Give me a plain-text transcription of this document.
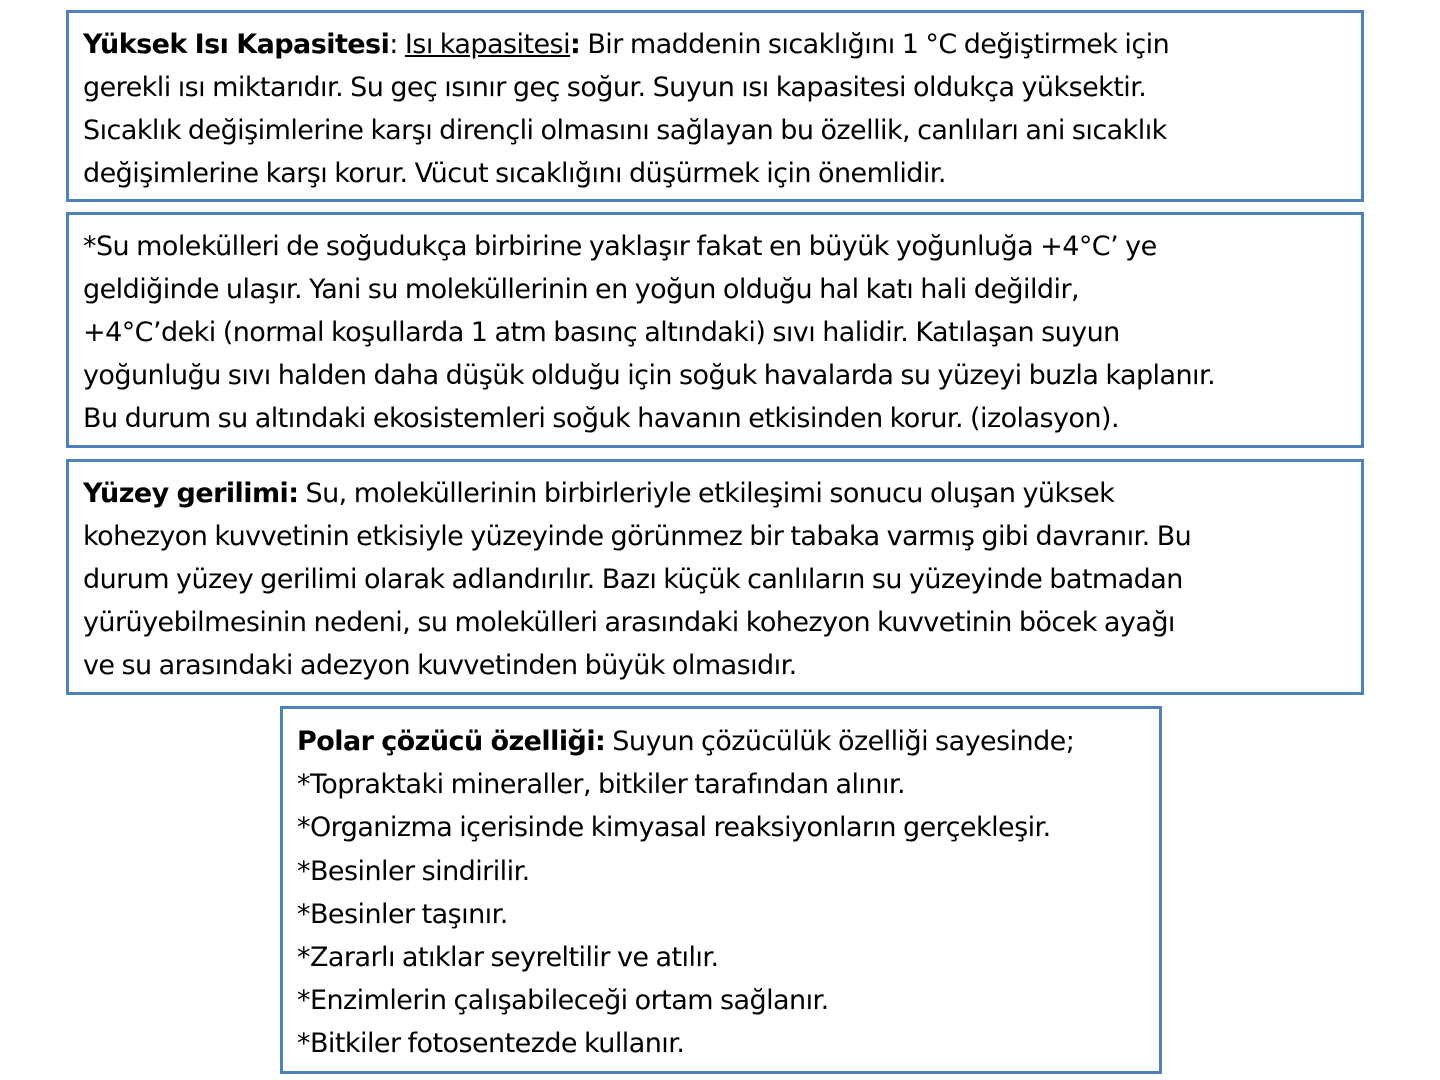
Yüksek Isı Kapasitesi: Isı kapasitesi: Bir maddenin sıcaklığını 1 °C değiştirmek için

gerekli ısı miktarıdır. Su geç ısınır geç soğur. Suyun ısı kapasitesi oldukça yüksektir.

Sıcaklık değişimlerine karşı dirençli olmasını sağlayan bu özellik, canlıları ani sıcaklık

değişimlerine karşı korur. Vücut sıcaklığını düşürmek için önemlidir.

*Su molekülleri de soğudukça birbirine yaklaşır fakat en büyük yoğunluğa +4°C’ ye

geldiğinde ulaşır. Yani su moleküllerinin en yoğun olduğu hal katı hali değildir,

+4°C’deki (normal koşullarda 1 atm basınç altındaki) sıvı halidir. Katılaşan suyun

yoğunluğu sıvı halden daha düşük olduğu için soğuk havalarda su yüzeyi buzla kaplanır.

Bu durum su altındaki ekosistemleri soğuk havanın etkisinden korur. (izolasyon).

Yüzey gerilimi: Su, moleküllerinin birbirleriyle etkileşimi sonucu oluşan yüksek

kohezyon kuvvetinin etkisiyle yüzeyinde görünmez bir tabaka varmış gibi davranır. Bu

durum yüzey gerilimi olarak adlandırılır. Bazı küçük canlıların su yüzeyinde batmadan

yürüyebilmesinin nedeni, su molekülleri arasındaki kohezyon kuvvetinin böcek ayağı

ve su arasındaki adezyon kuvvetinden büyük olmasıdır.

Polar çözücü özelliği: Suyun çözücülük özelliği sayesinde;

*Topraktaki mineraller, bitkiler tarafından alınır.

*Organizma içerisinde kimyasal reaksiyonların gerçekleşir.

*Besinler sindirilir.

*Besinler taşınır.

*Zararlı atıklar seyreltilir ve atılır.

*Enzimlerin çalışabileceği ortam sağlanır.

*Bitkiler fotosentezde kullanır.
